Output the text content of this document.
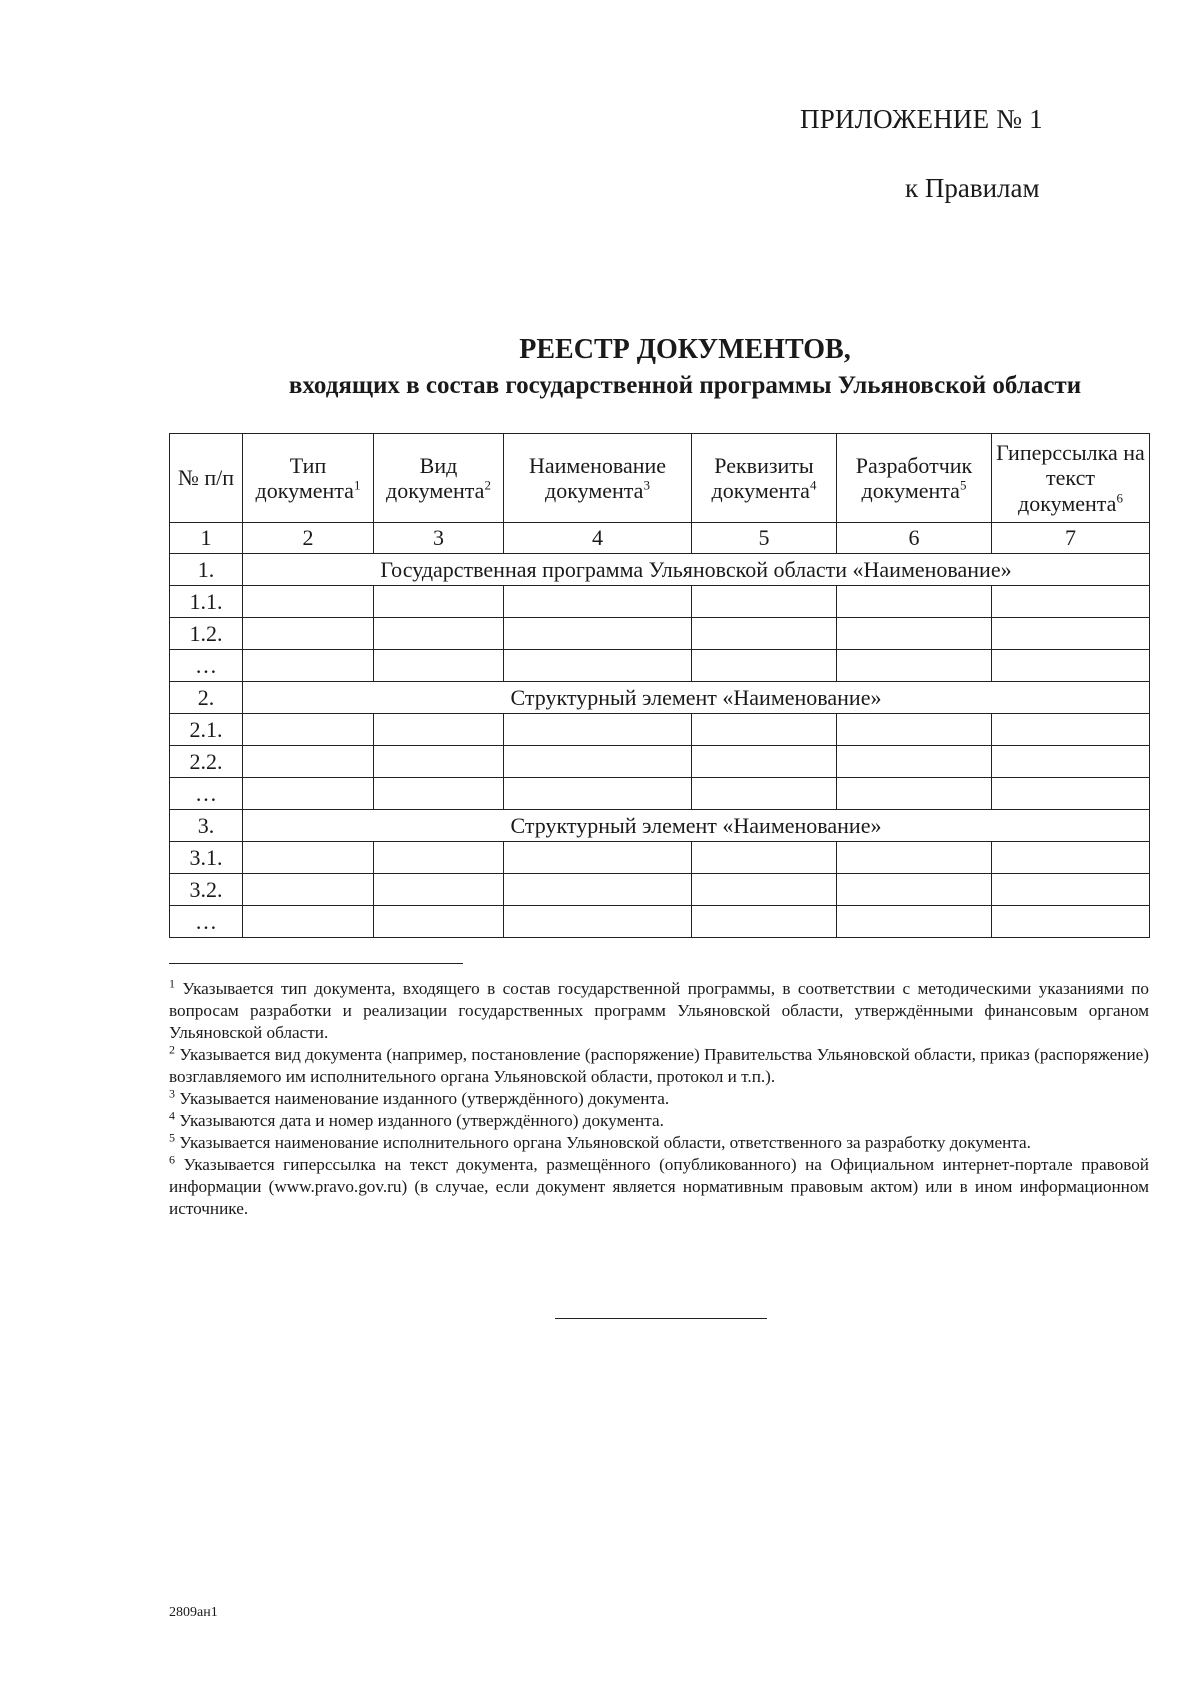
ПРИЛОЖЕНИЕ № 1
к Правилам
РЕЕСТР ДОКУМЕНТОВ,
входящих в состав государственной программы Ульяновской области
№ п/п	Тип документа$^1$	Вид документа$^2$	Наименование документа$^3$	Реквизиты документа$^4$	Разработчик документа$^5$	Гиперссылка на текст документа$^6$
1	2	3	4	5	6	7
1.	Государственная программа Ульяновской области «Наименование»					
1.1.						
1.2.						
…						
2.	Структурный элемент «Наименование»					
2.1.						
2.2.						
…						
3.	Структурный элемент «Наименование»					
3.1.						
3.2.						
…						

$^1$ Указывается тип документа, входящего в состав государственной программы, в соответствии с методическими указаниями по вопросам разработки и реализации государственных программ Ульяновской области, утверждёнными финансовым органом Ульяновской области.

$^2$ Указывается вид документа (например, постановление (распоряжение) Правительства Ульяновской области, приказ (распоряжение) возглавляемого им исполнительного органа Ульяновской области, протокол и т.п.).

$^3$ Указывается наименование изданного (утверждённого) документа.

$^4$ Указываются дата и номер изданного (утверждённого) документа.

$^5$ Указывается наименование исполнительного органа Ульяновской области, ответственного за разработку документа.

$^6$ Указывается гиперссылка на текст документа, размещённого (опубликованного) на Официальном интернет-портале правовой информации (www.pravo.gov.ru) (в случае, если документ является нормативным правовым актом) или в ином информационном источнике.

2809ан1
